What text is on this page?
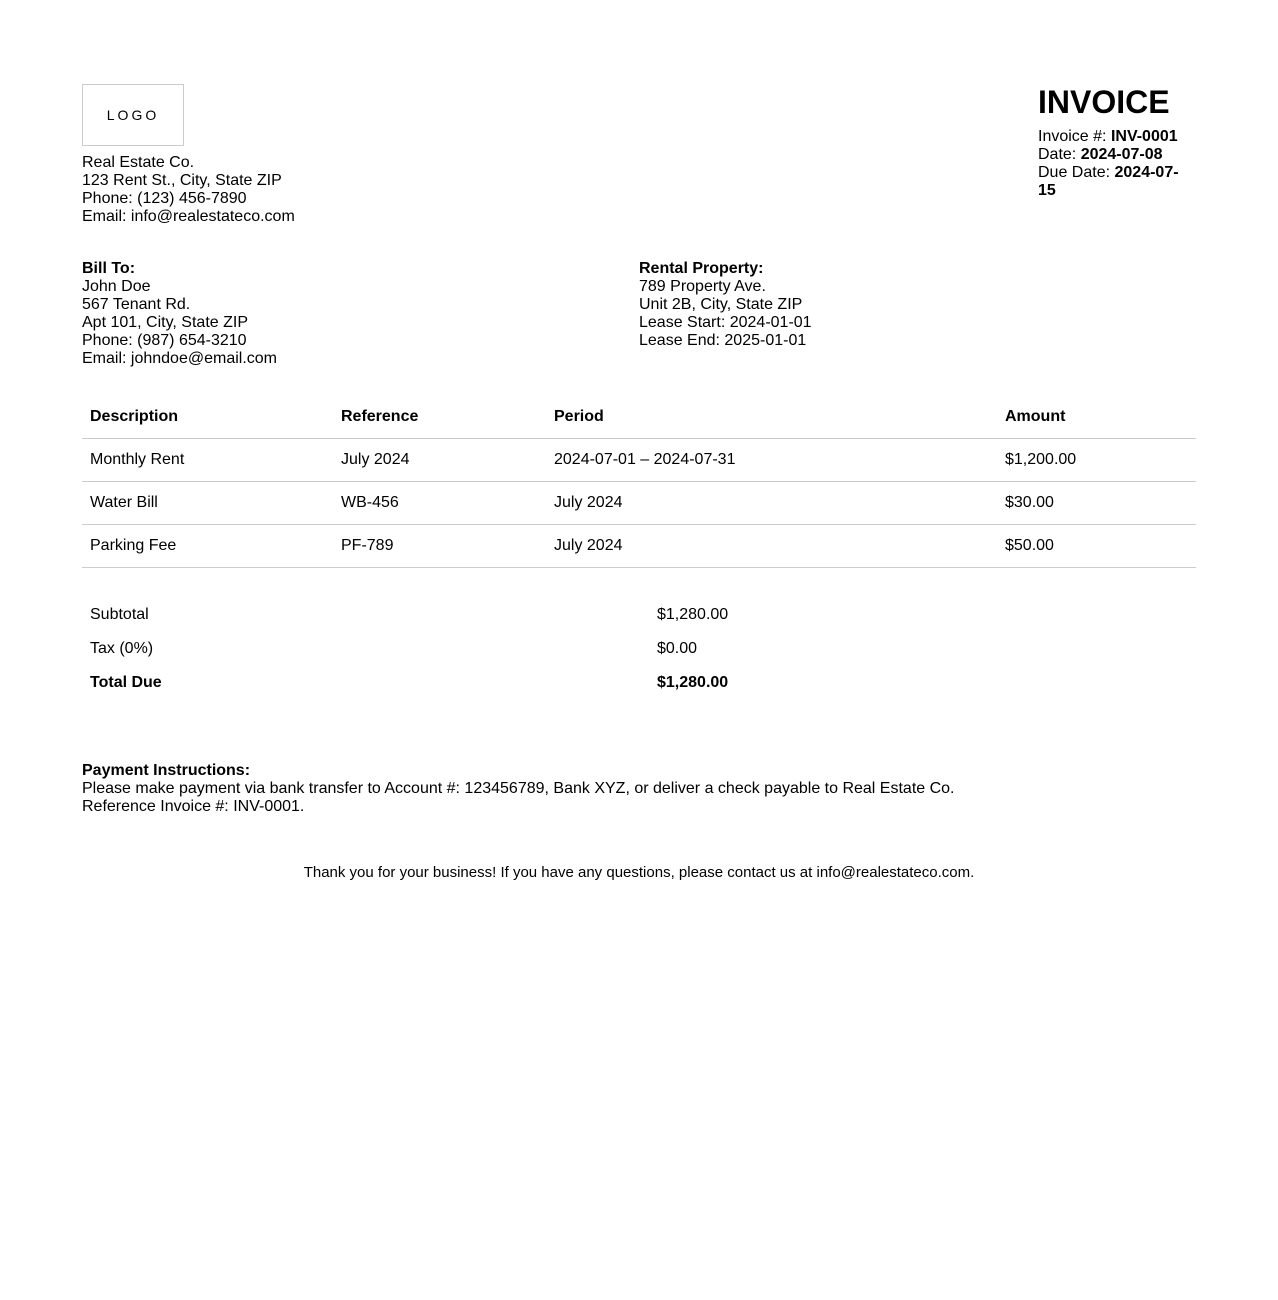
LOGO
Real Estate Co.
123 Rent St., City, State ZIP
Phone: (123) 456-7890
Email: info@realestateco.com
INVOICE
Invoice #: INV-0001
Date: 2024-07-08
Due Date: 2024-07-15
Bill To:
John Doe
567 Tenant Rd.
Apt 101, City, State ZIP
Phone: (987) 654-3210
Email: johndoe@email.com
Rental Property:
789 Property Ave.
Unit 2B, City, State ZIP
Lease Start: 2024-01-01
Lease End: 2025-01-01
Description	Reference	Period	Amount
Monthly Rent	July 2024	2024-07-01 – 2024-07-31	$1,200.00
Water Bill	WB-456	July 2024	$30.00
Parking Fee	PF-789	July 2024	$50.00
Subtotal	$1,280.00
Tax (0%)	$0.00
Total Due	$1,280.00
Payment Instructions:
Please make payment via bank transfer to Account #: 123456789, Bank XYZ, or deliver a check payable to Real Estate Co.
Reference Invoice #: INV-0001.
Thank you for your business! If you have any questions, please contact us at info@realestateco.com.
